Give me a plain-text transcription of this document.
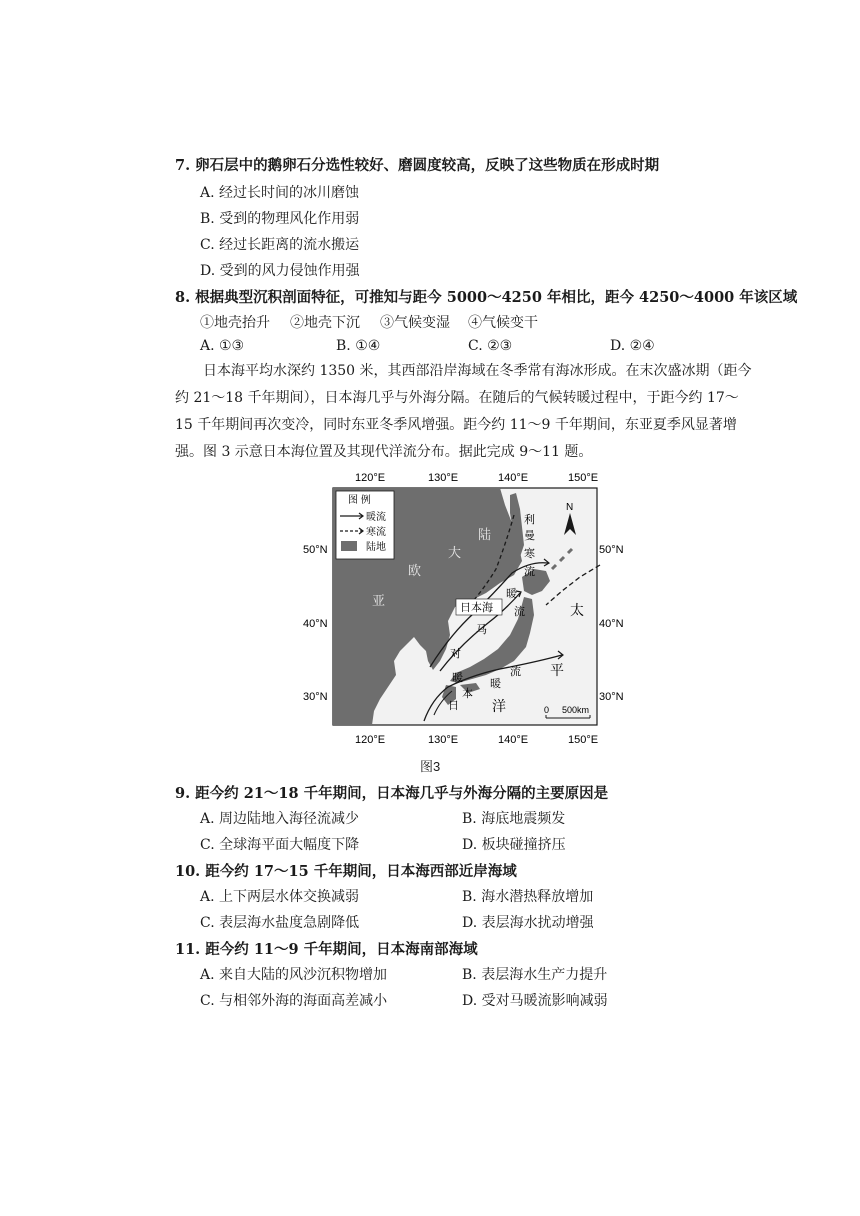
7. 卵石层中的鹅卵石分选性较好、磨圆度较高，反映了这些物质在形成时期
A. 经过长时间的冰川磨蚀
B. 受到的物理风化作用弱
C. 经过长距离的流水搬运
D. 受到的风力侵蚀作用强
8. 根据典型沉积剖面特征，可推知与距今 5000～4250 年相比，距今 4250～4000 年该区域
①地壳抬升 ②地壳下沉 ③气候变湿 ④气候变干
A. ①③	B. ①④	C. ②③	D. ②④

日本海平均水深约 1350 米，其西部沿岸海域在冬季常有海冰形成。在末次盛冰期（距今约 21～18 千年期间），日本海几乎与外海分隔。在随后的气候转暖过程中，于距今约 17～15 千年期间再次变冷，同时东亚冬季风增强。距今约 11～9 千年期间，东亚夏季风显著增强。图 3 示意日本海位置及其现代洋流分布。据此完成 9～11 题。

120°E	130°E	140°E	150°E
图 例
暖流
寒流
陆地
N
大
陆
欧
亚
利
曼
寒
流
暖
流
日本海
马
对
暖
本
日
暖
流
太
平
洋	0 500km
50°N
40°N
30°N
50°N
40°N
30°N
120°E	130°E	140°E	150°E
图3
9. 距今约 21～18 千年期间，日本海几乎与外海分隔的主要原因是
A. 周边陆地入海径流减少	B. 海底地震频发
C. 全球海平面大幅度下降	D. 板块碰撞挤压
10. 距今约 17～15 千年期间，日本海西部近岸海域
A. 上下两层水体交换减弱	B. 海水潜热释放增加
C. 表层海水盐度急剧降低	D. 表层海水扰动增强
11. 距今约 11～9 千年期间，日本海南部海域
A. 来自大陆的风沙沉积物增加	B. 表层海水生产力提升
C. 与相邻外海的海面高差减小	D. 受对马暖流影响减弱
